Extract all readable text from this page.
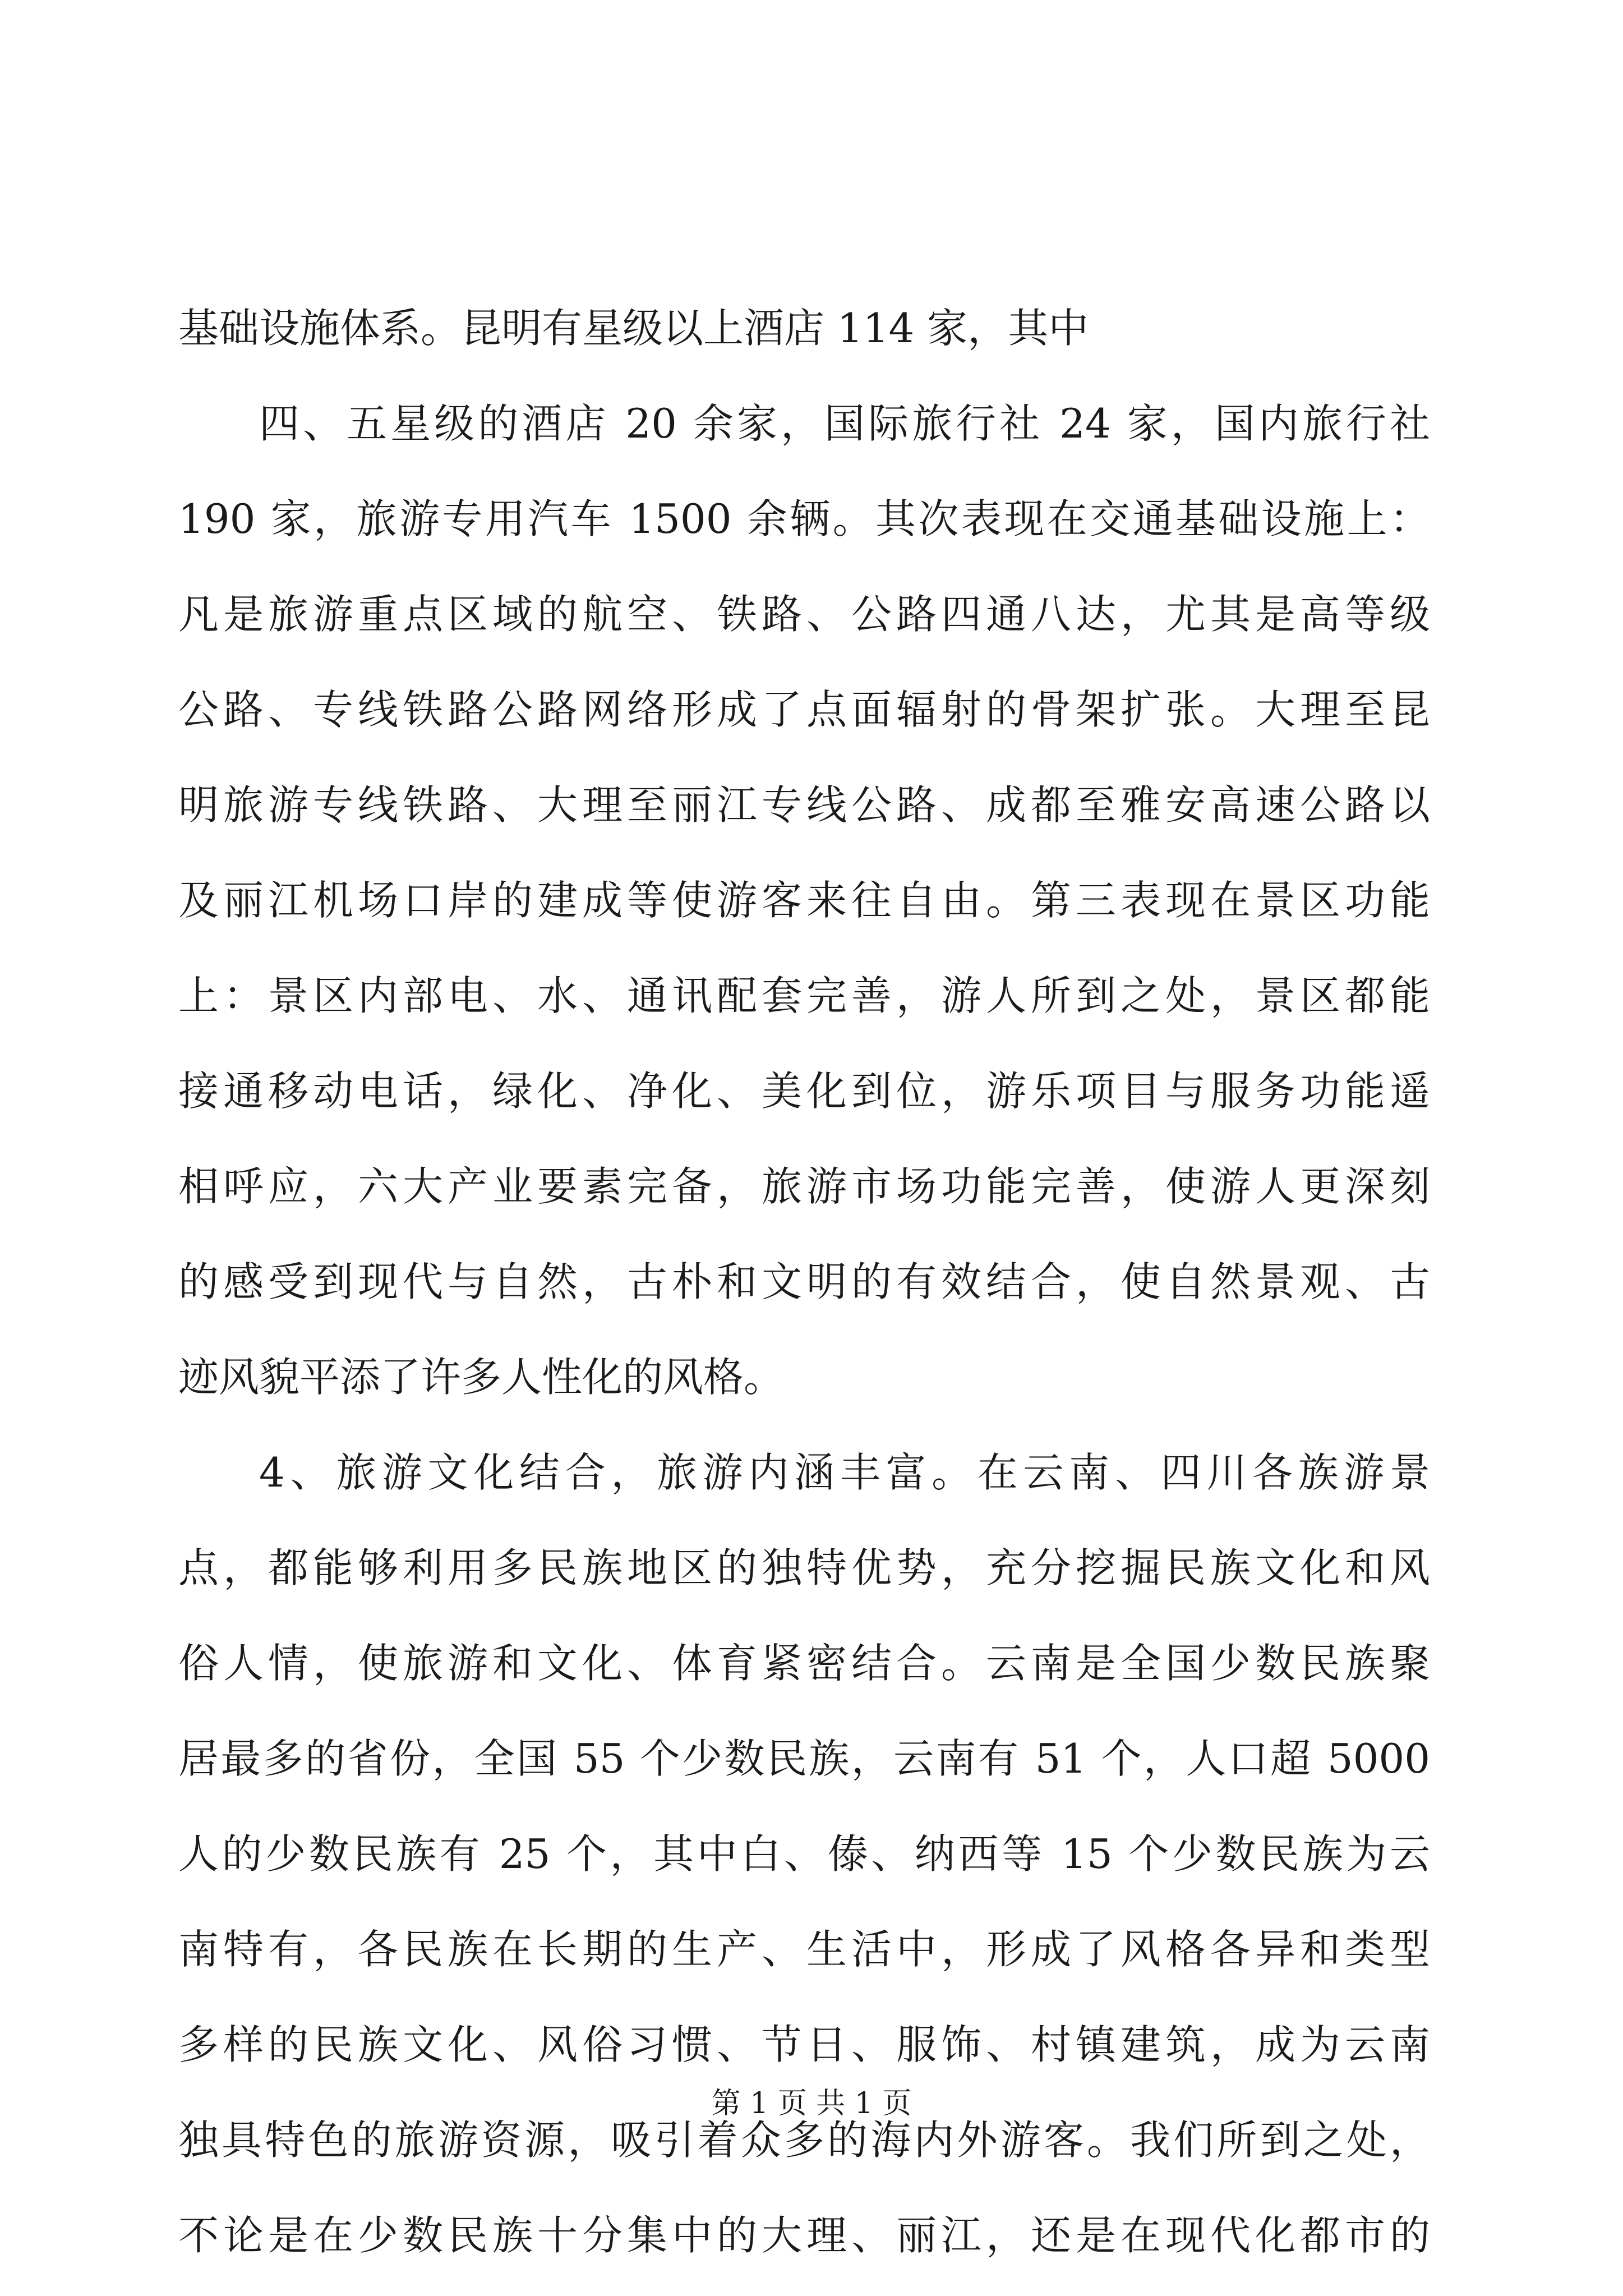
基础设施体系。昆明有星级以上酒店 114 家，其中
四、五星级的酒店 20 余家，国际旅行社 24 家，国内旅行社
190 家，旅游专用汽车 1500 余辆。其次表现在交通基础设施上：
凡是旅游重点区域的航空、铁路、公路四通八达，尤其是高等级
公路、专线铁路公路网络形成了点面辐射的骨架扩张。大理至昆
明旅游专线铁路、大理至丽江专线公路、成都至雅安高速公路以
及丽江机场口岸的建成等使游客来往自由。第三表现在景区功能
上：景区内部电、水、通讯配套完善，游人所到之处，景区都能
接通移动电话，绿化、净化、美化到位，游乐项目与服务功能遥
相呼应，六大产业要素完备，旅游市场功能完善，使游人更深刻
的感受到现代与自然，古朴和文明的有效结合，使自然景观、古
迹风貌平添了许多人性化的风格。
4、旅游文化结合，旅游内涵丰富。在云南、四川各族游景
点，都能够利用多民族地区的独特优势，充分挖掘民族文化和风
俗人情，使旅游和文化、体育紧密结合。云南是全国少数民族聚
居最多的省份，全国 55 个少数民族，云南有 51 个，人口超 5000
人的少数民族有 25 个，其中白、傣、纳西等 15 个少数民族为云
南特有，各民族在长期的生产、生活中，形成了风格各异和类型
多样的民族文化、风俗习惯、节日、服饰、村镇建筑，成为云南
独具特色的旅游资源，吸引着众多的海内外游客。我们所到之处，
不论是在少数民族十分集中的大理、丽江，还是在现代化都市的
第 1 页 共 1 页
